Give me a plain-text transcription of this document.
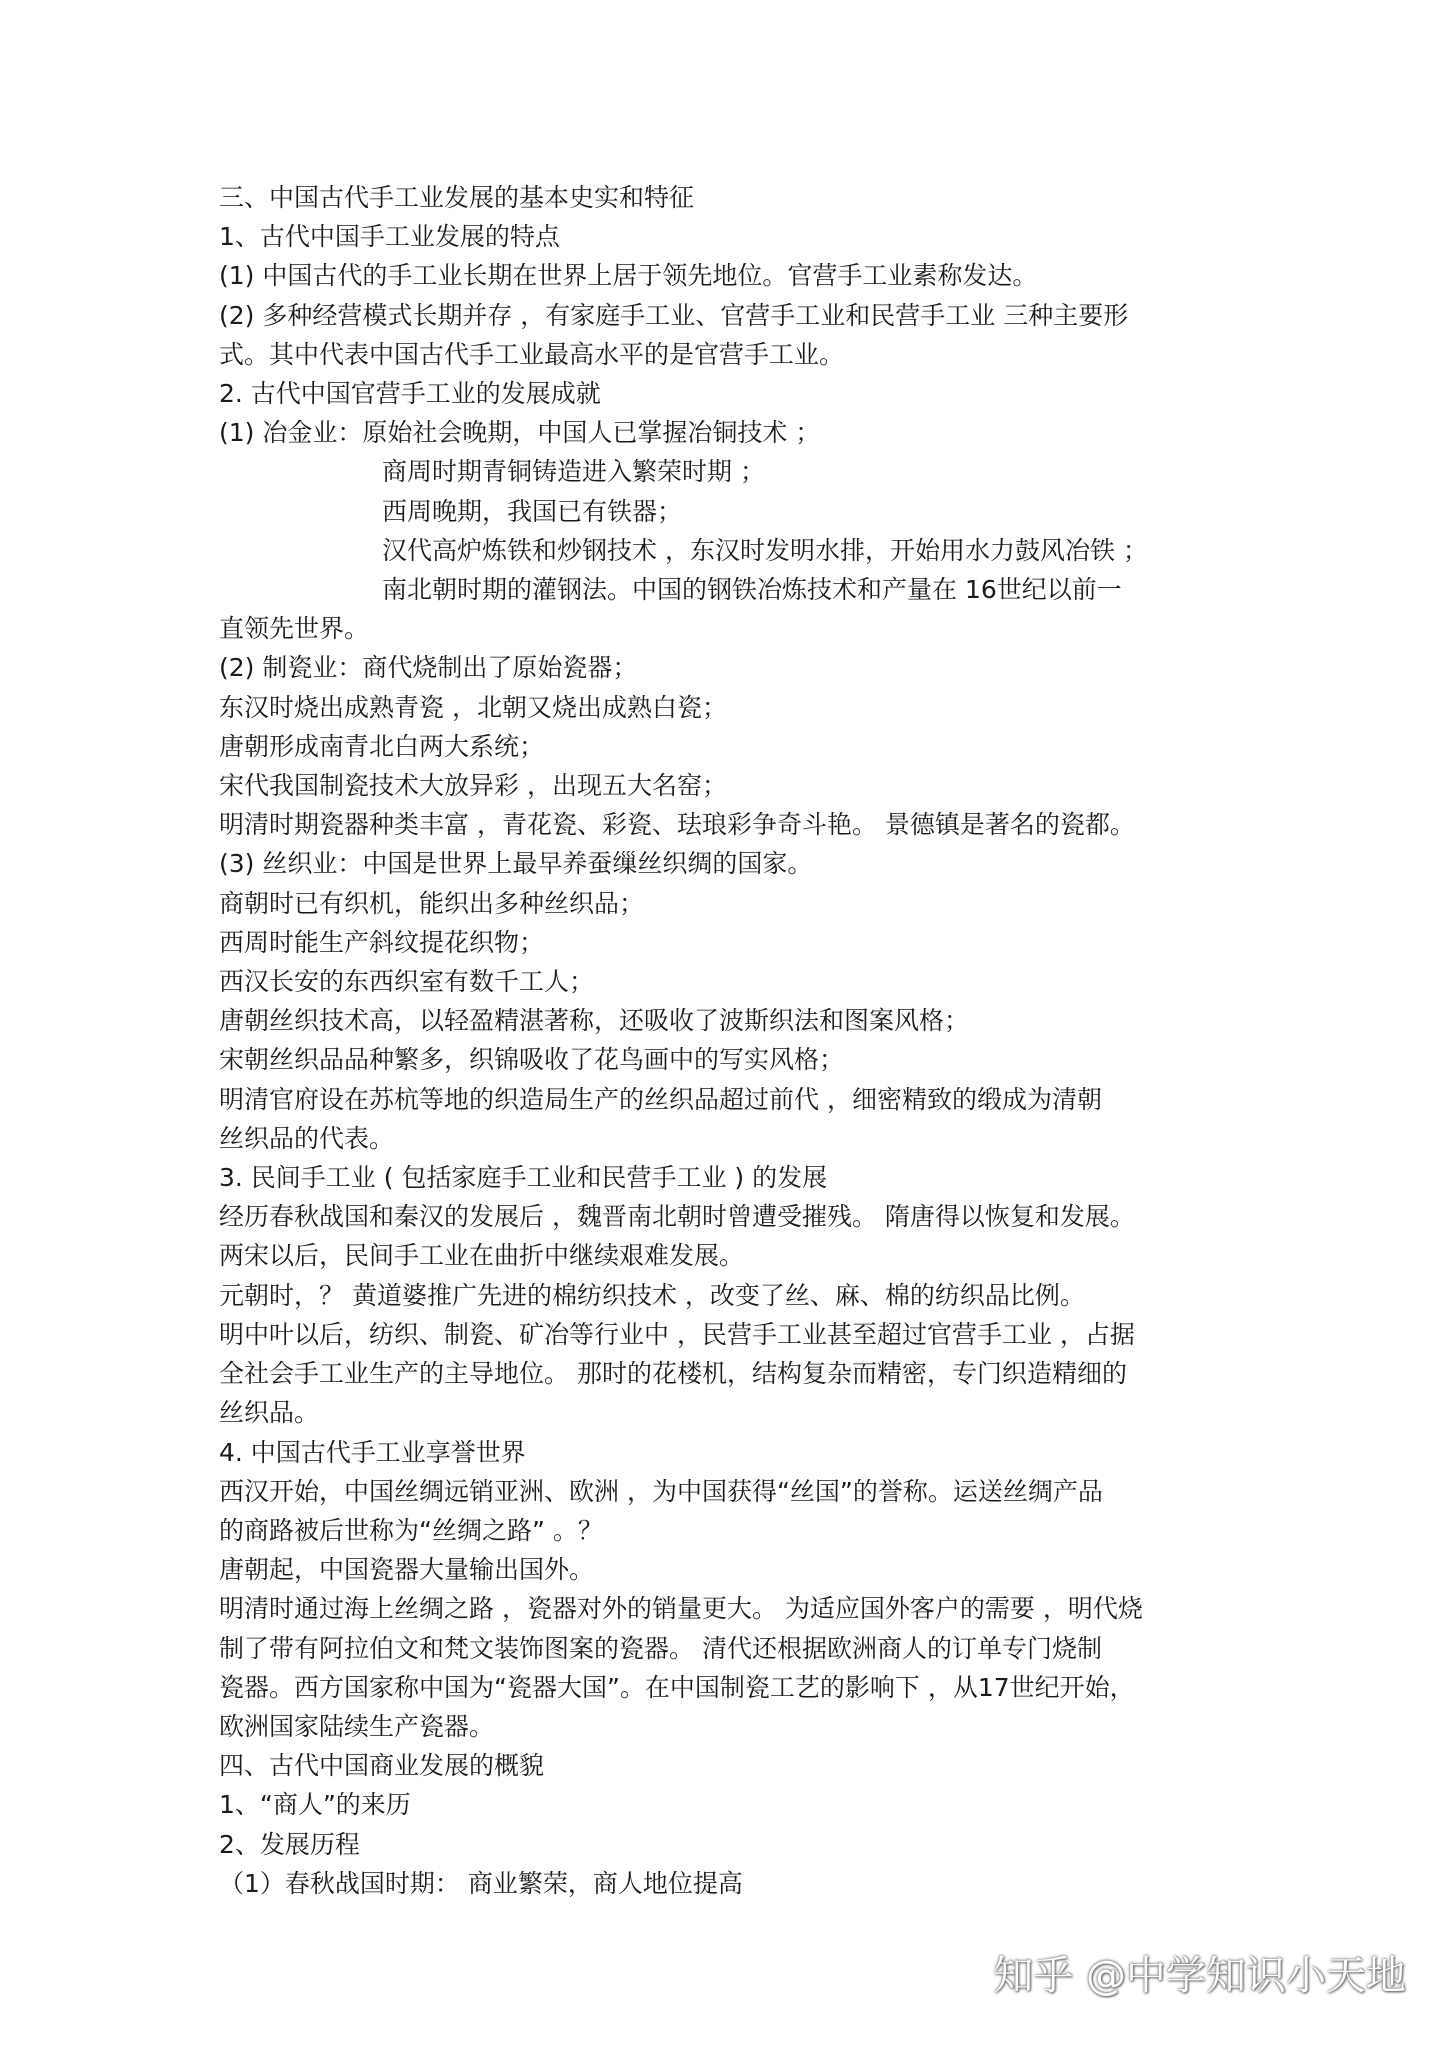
三、中国古代手工业发展的基本史实和特征
1、古代中国手工业发展的特点
(1) 中国古代的手工业长期在世界上居于领先地位。官营手工业素称发达。
(2) 多种经营模式长期并存 ，有家庭手工业、官营手工业和民营手工业 三种主要形
式。其中代表中国古代手工业最高水平的是官营手工业。
2. 古代中国官营手工业的发展成就
(1) 冶金业：原始社会晚期，中国人已掌握冶铜技术 ；
商周时期青铜铸造进入繁荣时期 ；
西周晚期，我国已有铁器；
汉代高炉炼铁和炒钢技术 ，东汉时发明水排，开始用水力鼓风冶铁 ；
南北朝时期的灌钢法。中国的钢铁冶炼技术和产量在 16世纪以前一
直领先世界。
(2) 制瓷业：商代烧制出了原始瓷器；
东汉时烧出成熟青瓷 ，北朝又烧出成熟白瓷；
唐朝形成南青北白两大系统；
宋代我国制瓷技术大放异彩 ，出现五大名窑；
明清时期瓷器种类丰富 ，青花瓷、彩瓷、珐琅彩争奇斗艳。 景德镇是著名的瓷都。
(3) 丝织业：中国是世界上最早养蚕缫丝织绸的国家。
商朝时已有织机，能织出多种丝织品；
西周时能生产斜纹提花织物；
西汉长安的东西织室有数千工人；
唐朝丝织技术高，以轻盈精湛著称，还吸收了波斯织法和图案风格；
宋朝丝织品品种繁多，织锦吸收了花鸟画中的写实风格；
明清官府设在苏杭等地的织造局生产的丝织品超过前代 ，细密精致的缎成为清朝
丝织品的代表。
3. 民间手工业 ( 包括家庭手工业和民营手工业 ) 的发展
经历春秋战国和秦汉的发展后 ，魏晋南北朝时曾遭受摧残。 隋唐得以恢复和发展。
两宋以后，民间手工业在曲折中继续艰难发展。
元朝时，？ 黄道婆推广先进的棉纺织技术 ，改变了丝、麻、棉的纺织品比例。
明中叶以后，纺织、制瓷、矿冶等行业中 ，民营手工业甚至超过官营手工业 ，占据
全社会手工业生产的主导地位。 那时的花楼机，结构复杂而精密，专门织造精细的
丝织品。
4. 中国古代手工业享誉世界
西汉开始，中国丝绸远销亚洲、欧洲 ，为中国获得“丝国”的誉称。运送丝绸产品
的商路被后世称为“丝绸之路” 。？
唐朝起，中国瓷器大量输出国外。
明清时通过海上丝绸之路 ，瓷器对外的销量更大。 为适应国外客户的需要 ，明代烧
制了带有阿拉伯文和梵文装饰图案的瓷器。 清代还根据欧洲商人的订单专门烧制
瓷器。西方国家称中国为“瓷器大国”。在中国制瓷工艺的影响下 ，从17世纪开始，
欧洲国家陆续生产瓷器。
四、古代中国商业发展的概貌
1、“商人”的来历
2、发展历程
（1）春秋战国时期： 商业繁荣，商人地位提高
知乎 @中学知识小天地
